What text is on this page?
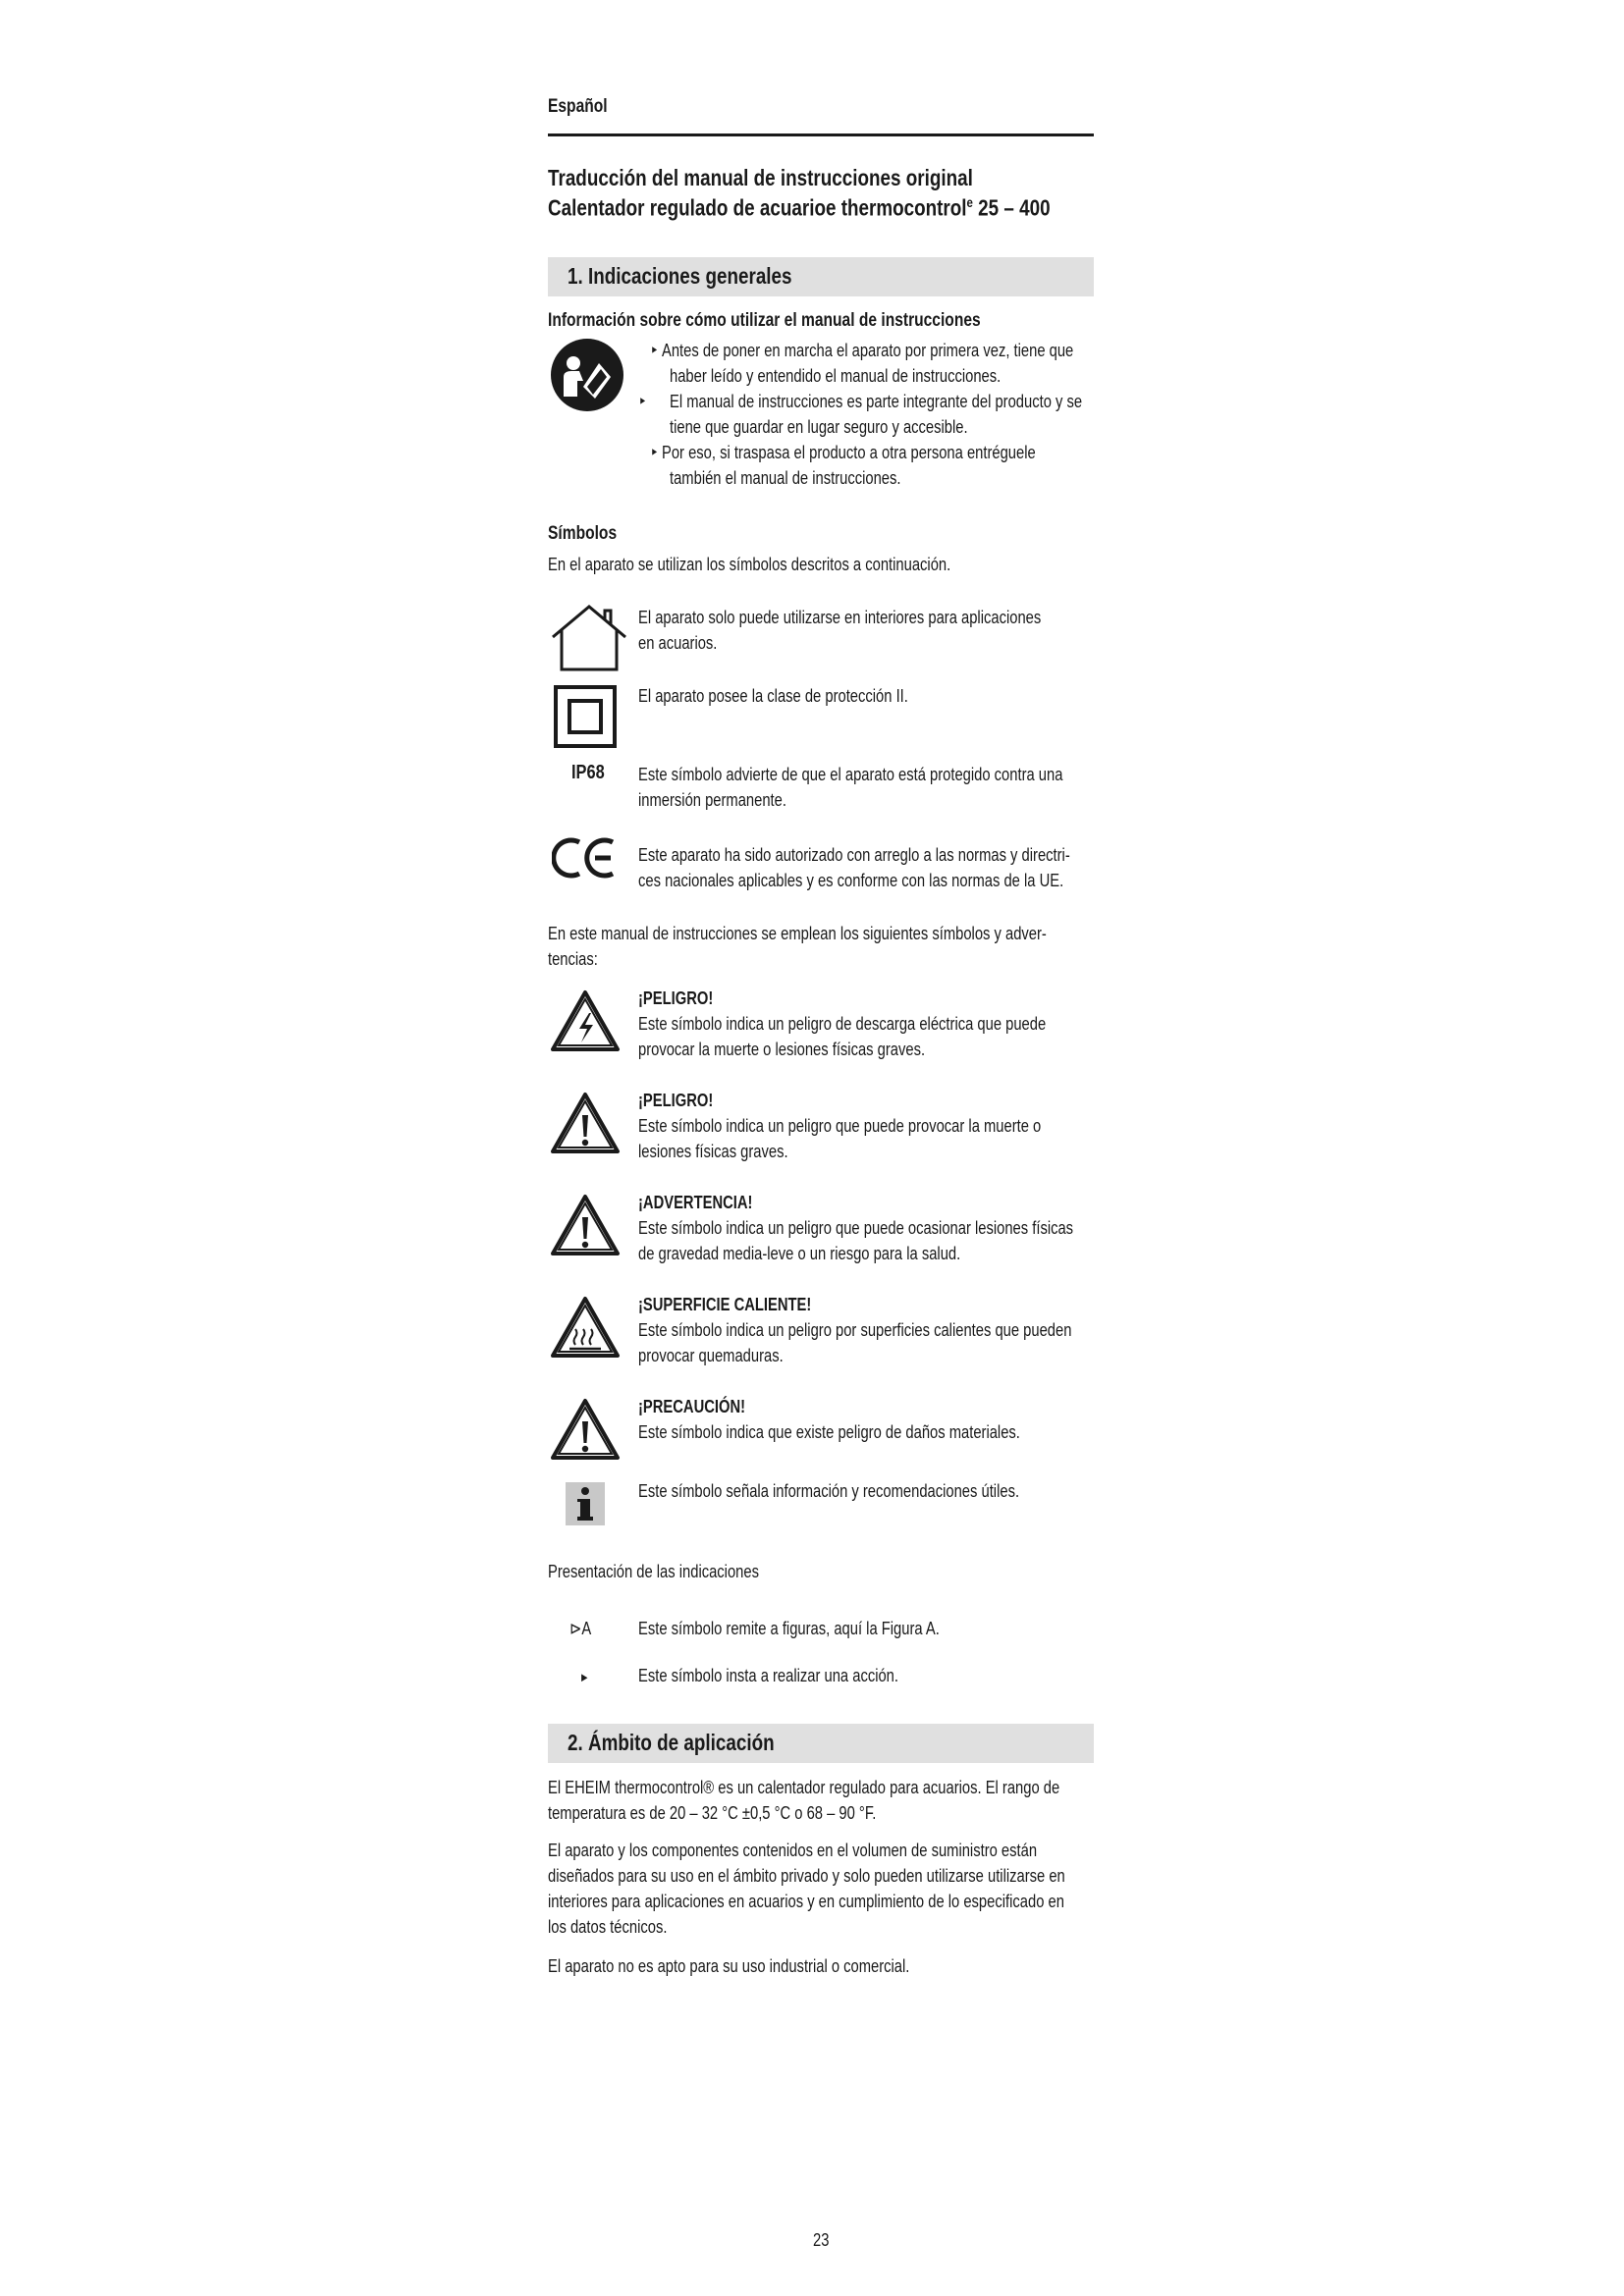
Español
Traducción del manual de instrucciones original
Calentador regulado de acuarioe thermocontrol$^e$ 25 – 400
1. Indicaciones generales
Información sobre cómo utilizar el manual de instrucciones
‣ Antes de poner en marcha el aparato por primera vez, tiene que
haber leído y entendido el manual de instrucciones.
‣ El manual de instrucciones es parte integrante del producto y se
tiene que guardar en lugar seguro y accesible.
‣ Por eso, si traspasa el producto a otra persona entréguele
también el manual de instrucciones.
Símbolos
En el aparato se utilizan los símbolos descritos a continuación.
El aparato solo puede utilizarse en interiores para aplicaciones
en acuarios.
El aparato posee la clase de protección II.
IP68 Este símbolo advierte de que el aparato está protegido contra una
inmersión permanente.
Este aparato ha sido autorizado con arreglo a las normas y directri-
ces nacionales aplicables y es conforme con las normas de la UE.
En este manual de instrucciones se emplean los siguientes símbolos y adver-
tencias:
¡PELIGRO!
Este símbolo indica un peligro de descarga eléctrica que puede
provocar la muerte o lesiones físicas graves.
¡PELIGRO!
Este símbolo indica un peligro que puede provocar la muerte o
lesiones físicas graves.
¡ADVERTENCIA!
Este símbolo indica un peligro que puede ocasionar lesiones físicas
de gravedad media-leve o un riesgo para la salud.
¡SUPERFICIE CALIENTE!
Este símbolo indica un peligro por superficies calientes que pueden
provocar quemaduras.
¡PRECAUCIÓN!
Este símbolo indica que existe peligro de daños materiales.
Este símbolo señala información y recomendaciones útiles.
Presentación de las indicaciones
⊳A	Este símbolo remite a figuras, aquí la Figura A.
►	Este símbolo insta a realizar una acción.
2. Ámbito de aplicación
El EHEIM thermocontrol® es un calentador regulado para acuarios. El rango de
temperatura es de 20 – 32 °C ±0,5 °C o 68 – 90 °F.
El aparato y los componentes contenidos en el volumen de suministro están
diseñados para su uso en el ámbito privado y solo pueden utilizarse utilizarse en
interiores para aplicaciones en acuarios y en cumplimiento de lo especificado en
los datos técnicos.
El aparato no es apto para su uso industrial o comercial.
23
